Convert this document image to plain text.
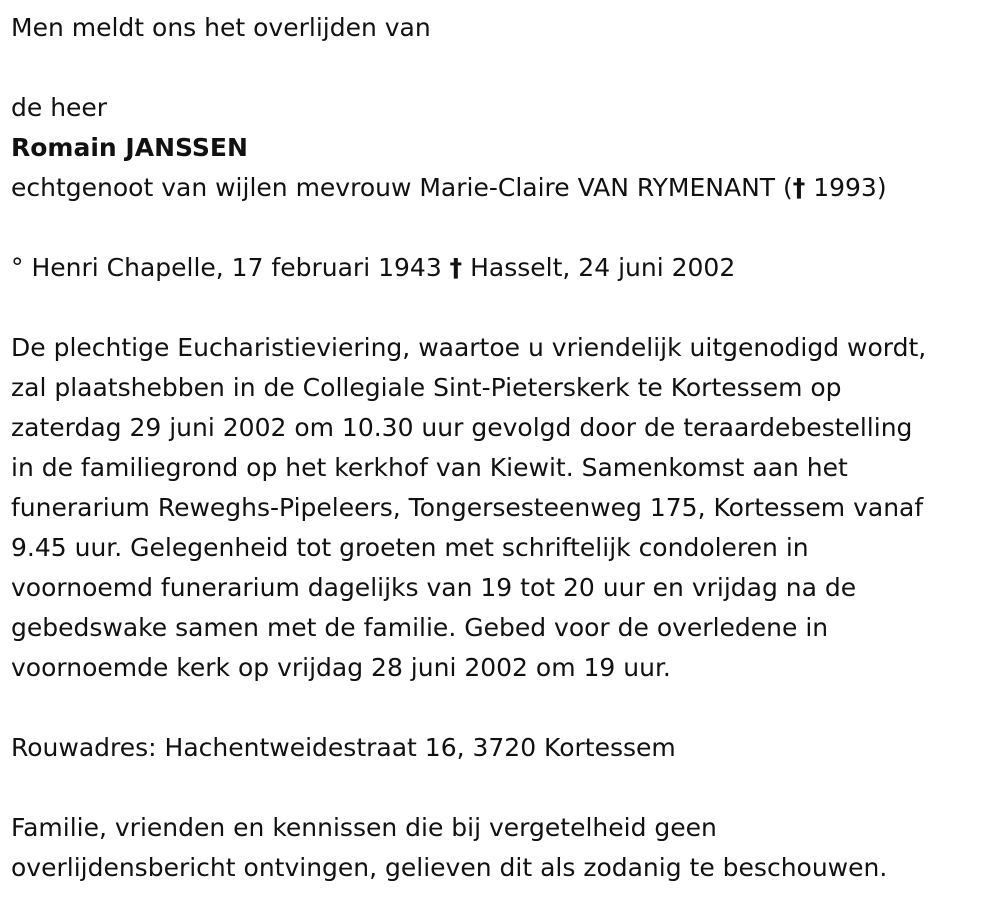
Men meldt ons het overlijden van
de heer
Romain JANSSEN
echtgenoot van wijlen mevrouw Marie-Claire VAN RYMENANT († 1993)
° Henri Chapelle, 17 februari 1943 † Hasselt, 24 juni 2002
De plechtige Eucharistieviering, waartoe u vriendelijk uitgenodigd wordt,
zal plaatshebben in de Collegiale Sint-Pieterskerk te Kortessem op
zaterdag 29 juni 2002 om 10.30 uur gevolgd door de teraardebestelling
in de familiegrond op het kerkhof van Kiewit. Samenkomst aan het
funerarium Reweghs-Pipeleers, Tongersesteenweg 175, Kortessem vanaf
9.45 uur. Gelegenheid tot groeten met schriftelijk condoleren in
voornoemd funerarium dagelijks van 19 tot 20 uur en vrijdag na de
gebedswake samen met de familie. Gebed voor de overledene in
voornoemde kerk op vrijdag 28 juni 2002 om 19 uur.
Rouwadres: Hachentweidestraat 16, 3720 Kortessem
Familie, vrienden en kennissen die bij vergetelheid geen
overlijdensbericht ontvingen, gelieven dit als zodanig te beschouwen.
